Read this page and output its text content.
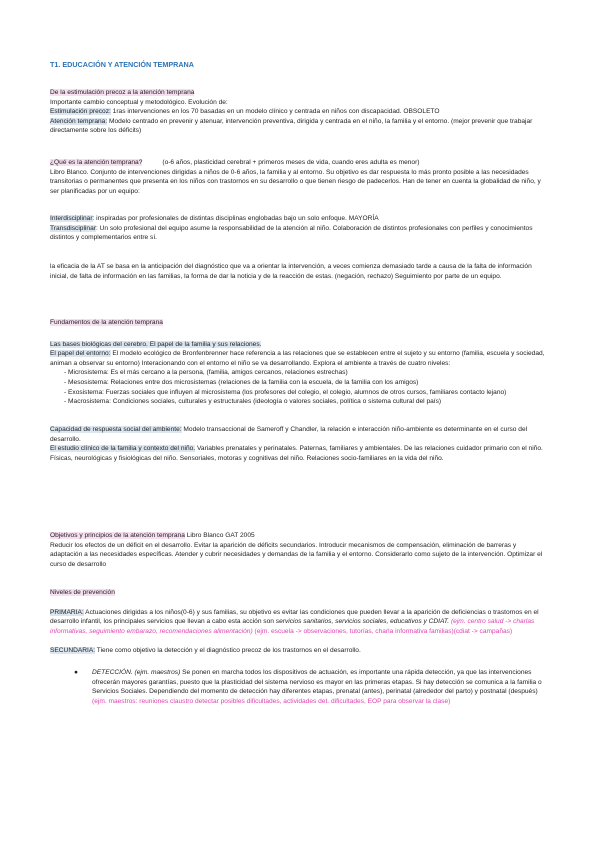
T1. EDUCACIÓN Y ATENCIÓN TEMPRANA

De la estimulación precoz a la atención temprana

Importante cambio conceptual y metodológico. Evolución de:

Estimulación precoz: 1ras intervenciones en los 70 basadas en un modelo clínico y centrada en niños con discapacidad. OBSOLETO

Atención temprana: Modelo centrado en prevenir y atenuar, intervención preventiva, dirigida y centrada en el niño, la familia y el entorno. (mejor prevenir que trabajar directamente sobre los déficits)

¿Qué es la atención temprana?	(o-6 años, plasticidad cerebral + primeros meses de vida, cuando eres adulta es menor)

Libro Blanco. Conjunto de intervenciones dirigidas a niños de 0-6 años, la familia y al entorno. Su objetivo es dar respuesta lo más pronto posible a las necesidades transitorias o permanentes que presenta en los niños con trastornos en su desarrollo o que tienen riesgo de padecerlos. Han de tener en cuenta la globalidad de niño, y ser planificadas por un equipo:

Interdisciplinar: inspiradas por profesionales de distintas disciplinas englobadas bajo un solo enfoque. MAYORÍA

Transdisciplinar: Un solo profesional del equipo asume la responsabilidad de la atención al niño. Colaboración de distintos profesionales con perfiles y conocimientos distintos y complementarios entre sí.

la eficacia de la AT se basa en la anticipación del diagnóstico que va a orientar la intervención, a veces comienza demasiado tarde a causa de la falta de información inicial, de falta de información en las familias, la forma de dar la noticia y de la reacción de estas. (negación, rechazo) Seguimiento por parte de un equipo.

Fundamentos de la atención temprana

Las bases biológicas del cerebro. El papel de la familia y sus relaciones.

El papel del entorno: El modelo ecológico de Bronfenbrenner hace referencia a las relaciones que se establecen entre el sujeto y su entorno (familia, escuela y sociedad, animan a observar su entorno) Interacionando con el entorno el niño se va desarrollando. Explora el ambiente a través de cuatro niveles:

- Microsistema: Es el más cercano a la persona, (familia, amigos cercanos, relaciones estrechas)
- Mesosistema: Relaciones entre dos microsistemas (relaciones de la familia con la escuela, de la familia con los amigos)
- Exosistema: Fuerzas sociales que influyen al microsistema (los profesores del colegio, el colegio, alumnos de otros cursos, familiares contacto lejano)
- Macrosistema: Condiciones sociales, culturales y estructurales (ideología o valores sociales, política o sistema cultural del país)

Capacidad de respuesta social del ambiente: Modelo transaccional de Sameroff y Chandler, la relación e interacción niño-ambiente es determinante en el curso del desarrollo.

El estudio clínico de la familia y contexto del niño. Variables prenatales y perinatales. Paternas, familiares y ambientales. De las relaciones cuidador primario con el niño. Físicas, neurológicas y fisiológicas del niño. Sensoriales, motoras y cognitivas del niño. Relaciones socio-familiares en la vida del niño.

Objetivos y principios de la atención temprana Libro Blanco GAT 2005

Reducir los efectos de un déficit en el desarrollo. Evitar la aparición de déficits secundarios. Introducir mecanismos de compensación, eliminación de barreras y adaptación a las necesidades específicas. Atender y cubrir necesidades y demandas de la familia y el entorno. Considerarlo como sujeto de la intervención. Optimizar el curso de desarrollo

Niveles de prevención

PRIMARIA: Actuaciones dirigidas a los niños(0-6) y sus familias, su objetivo es evitar las condiciones que pueden llevar a la aparición de deficiencias o trastornos en el desarrollo infantil, los principales servicios que llevan a cabo esta acción son servicios sanitarios, servicios sociales, educativos y CDIAT. (ejm. centro salud -> charlas informativas, seguimiento embarazo, recomendaciones alimentación) (ejm. escuela -> observaciones, tutorías, charla informativa familias)(cdiat -> campañas)

SECUNDARIA: Tiene como objetivo la detección y el diagnóstico precoz de los trastornos en el desarrollo.

● DETECCIÓN. (ejm. maestros) Se ponen en marcha todos los dispositivos de actuación, es importante una rápida detección, ya que las intervenciones ofrecerán mayores garantías, puesto que la plasticidad del sistema nervioso es mayor en las primeras etapas. Si hay detección se comunica a la familia o Servicios Sociales. Dependiendo del momento de detección hay diferentes etapas, prenatal (antes), perinatal (alrededor del parto) y postnatal (después) (ejm. maestros: reuniones claustro detectar posibles dificultades, actividades det. dificultades, EOP para observar la clase)
